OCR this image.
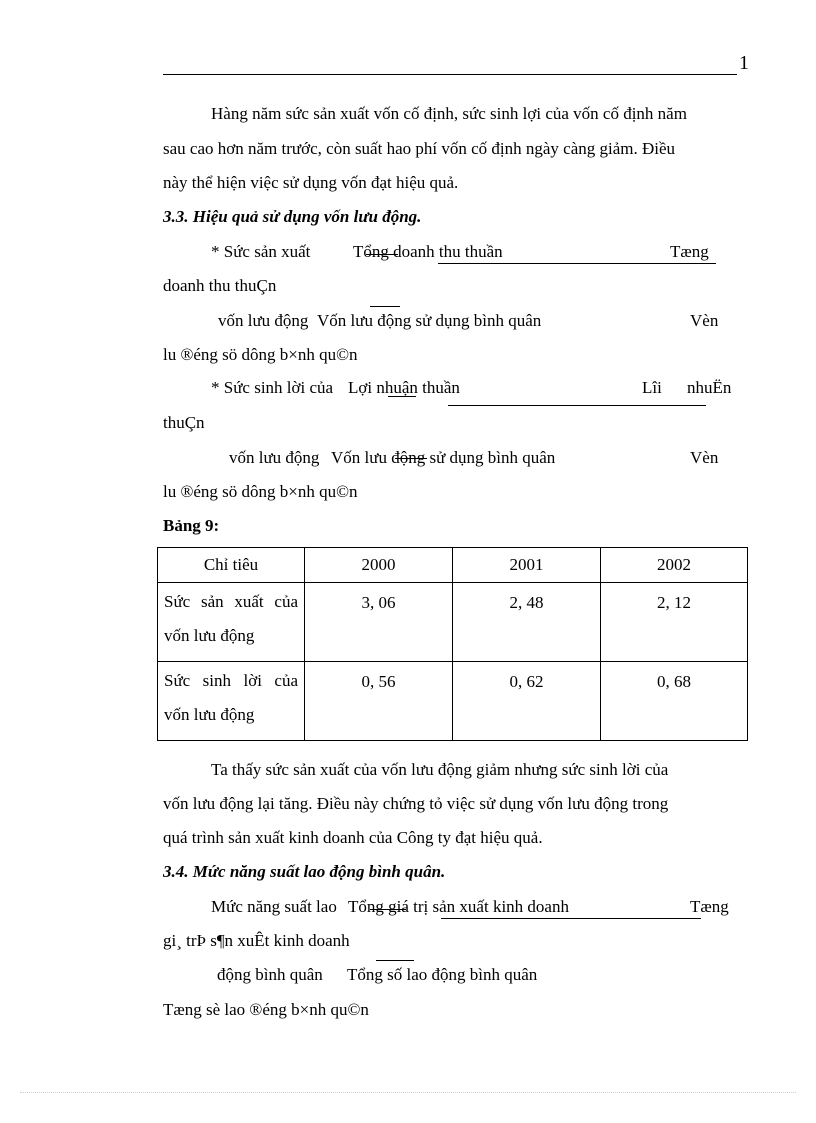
1
Hàng năm sức sản xuất vốn cố định, sức sinh lợi của vốn cố định năm
sau cao hơn năm trước, còn suất hao phí vốn cố định ngày càng giảm. Điều
này thể hiện việc sử dụng vốn đạt hiệu quả.
3.3. Hiệu quả sử dụng vốn lưu động.
* Sức sản xuất	Tổng doanh thu thuần	Tæng
doanh thu thuÇn
vốn lưu động Vốn lưu động sử dụng bình quân	Vèn
lu ®éng sö dông b×nh qu©n
* Sức sinh lời của Lợi nhuận thuần	Lîi nhuËn
thuÇn
vốn lưu động Vốn lưu động sử dụng bình quân	Vèn
lu ®éng sö dông b×nh qu©n
Bảng 9:
Chỉ tiêu	2000	2001	2002
Sức sản xuất của vốn lưu động	3, 06	2, 48	2, 12
Sức sinh lời của vốn lưu động	0, 56	0, 62	0, 68
Ta thấy sức sản xuất của vốn lưu động giảm nhưng sức sinh lời của
vốn lưu động lại tăng. Điều này chứng tỏ việc sử dụng vốn lưu động trong
quá trình sản xuất kinh doanh của Công ty đạt hiệu quả.
3.4. Mức năng suất lao động bình quân.
Mức năng suất lao Tổng giá trị sản xuất kinh doanh	Tæng
gi¸ trÞ s¶n xuÊt kinh doanh
động bình quân Tổng số lao động bình quân
Tæng sè lao ®éng b×nh qu©n
